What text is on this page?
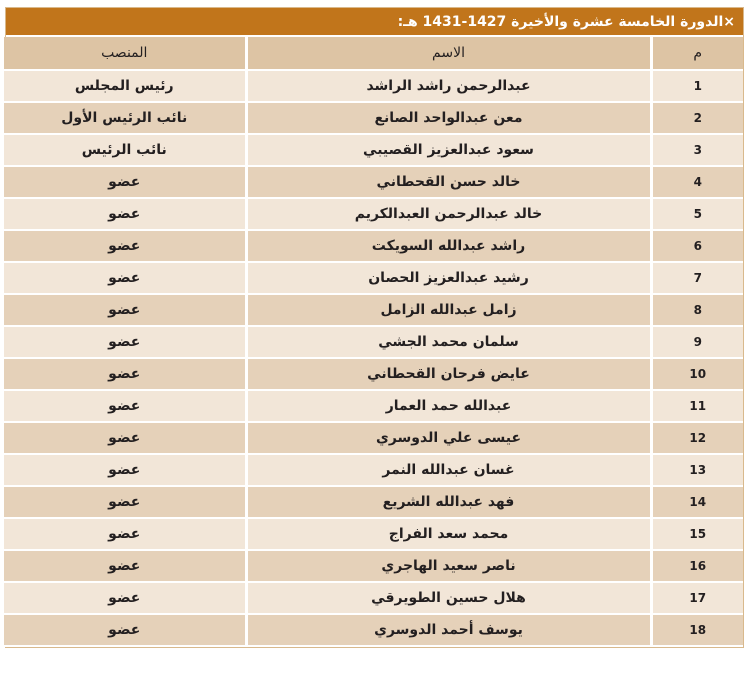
×الدورة الخامسة عشرة والأخيرة 1427-1431 هـ:
م	الاسم	المنصب
1	عبدالرحمن راشد الراشد	رئيس المجلس
2	معن عبدالواحد الصانع	نائب الرئيس الأول
3	سعود عبدالعزيز القصيبي	نائب الرئيس
4	خالد حسن القحطاني	عضو
5	خالد عبدالرحمن العبدالكريم	عضو
6	راشد عبدالله السويكت	عضو
7	رشيد عبدالعزيز الحصان	عضو
8	زامل عبدالله الزامل	عضو
9	سلمان محمد الجشي	عضو
10	عايض فرحان القحطاني	عضو
11	عبدالله حمد العمار	عضو
12	عيسى علي الدوسري	عضو
13	غسان عبدالله النمر	عضو
14	فهد عبدالله الشريع	عضو
15	محمد سعد الفراج	عضو
16	ناصر سعيد الهاجري	عضو
17	هلال حسين الطويرقي	عضو
18	يوسف أحمد الدوسري	عضو
